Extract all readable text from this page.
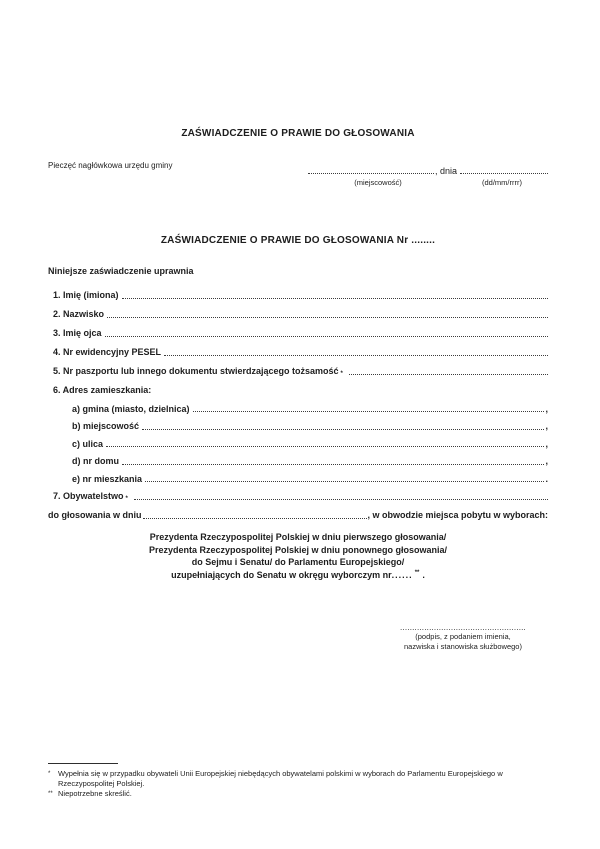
ZAŚWIADCZENIE O PRAWIE DO GŁOSOWANIA
Pieczęć nagłówkowa urzędu gminy	, dnia
(miejscowość)	(dd/mm/rrrr)
ZAŚWIADCZENIE O PRAWIE DO GŁOSOWANIA Nr ........
Niniejsze zaświadczenie uprawnia
1. Imię (imiona)
2. Nazwisko
3. Imię ojca
4. Nr ewidencyjny PESEL
5. Nr paszportu lub innego dokumentu stwierdzającego tożsamość *
6. Adres zamieszkania:
a) gmina (miasto, dzielnica)	,
b) miejscowość	,
c) ulica	,
d) nr domu	,
e) nr mieszkania	.
7. Obywatelstwo *
do głosowania w dniu	, w obwodzie miejsca pobytu w wyborach:
Prezydenta Rzeczypospolitej Polskiej w dniu pierwszego głosowania/
Prezydenta Rzeczypospolitej Polskiej w dniu ponownego głosowania/
do Sejmu i Senatu/ do Parlamentu Europejskiego/
uzupełniających do Senatu w okręgu wyborczym nr...... ** .
....................................................
(podpis, z podaniem imienia,
nazwiska i stanowiska służbowego)
*	Wypełnia się w przypadku obywateli Unii Europejskiej niebędących obywatelami polskimi w wyborach do Parlamentu Europejskiego w Rzeczypospolitej Polskiej.
** Niepotrzebne skreślić.
